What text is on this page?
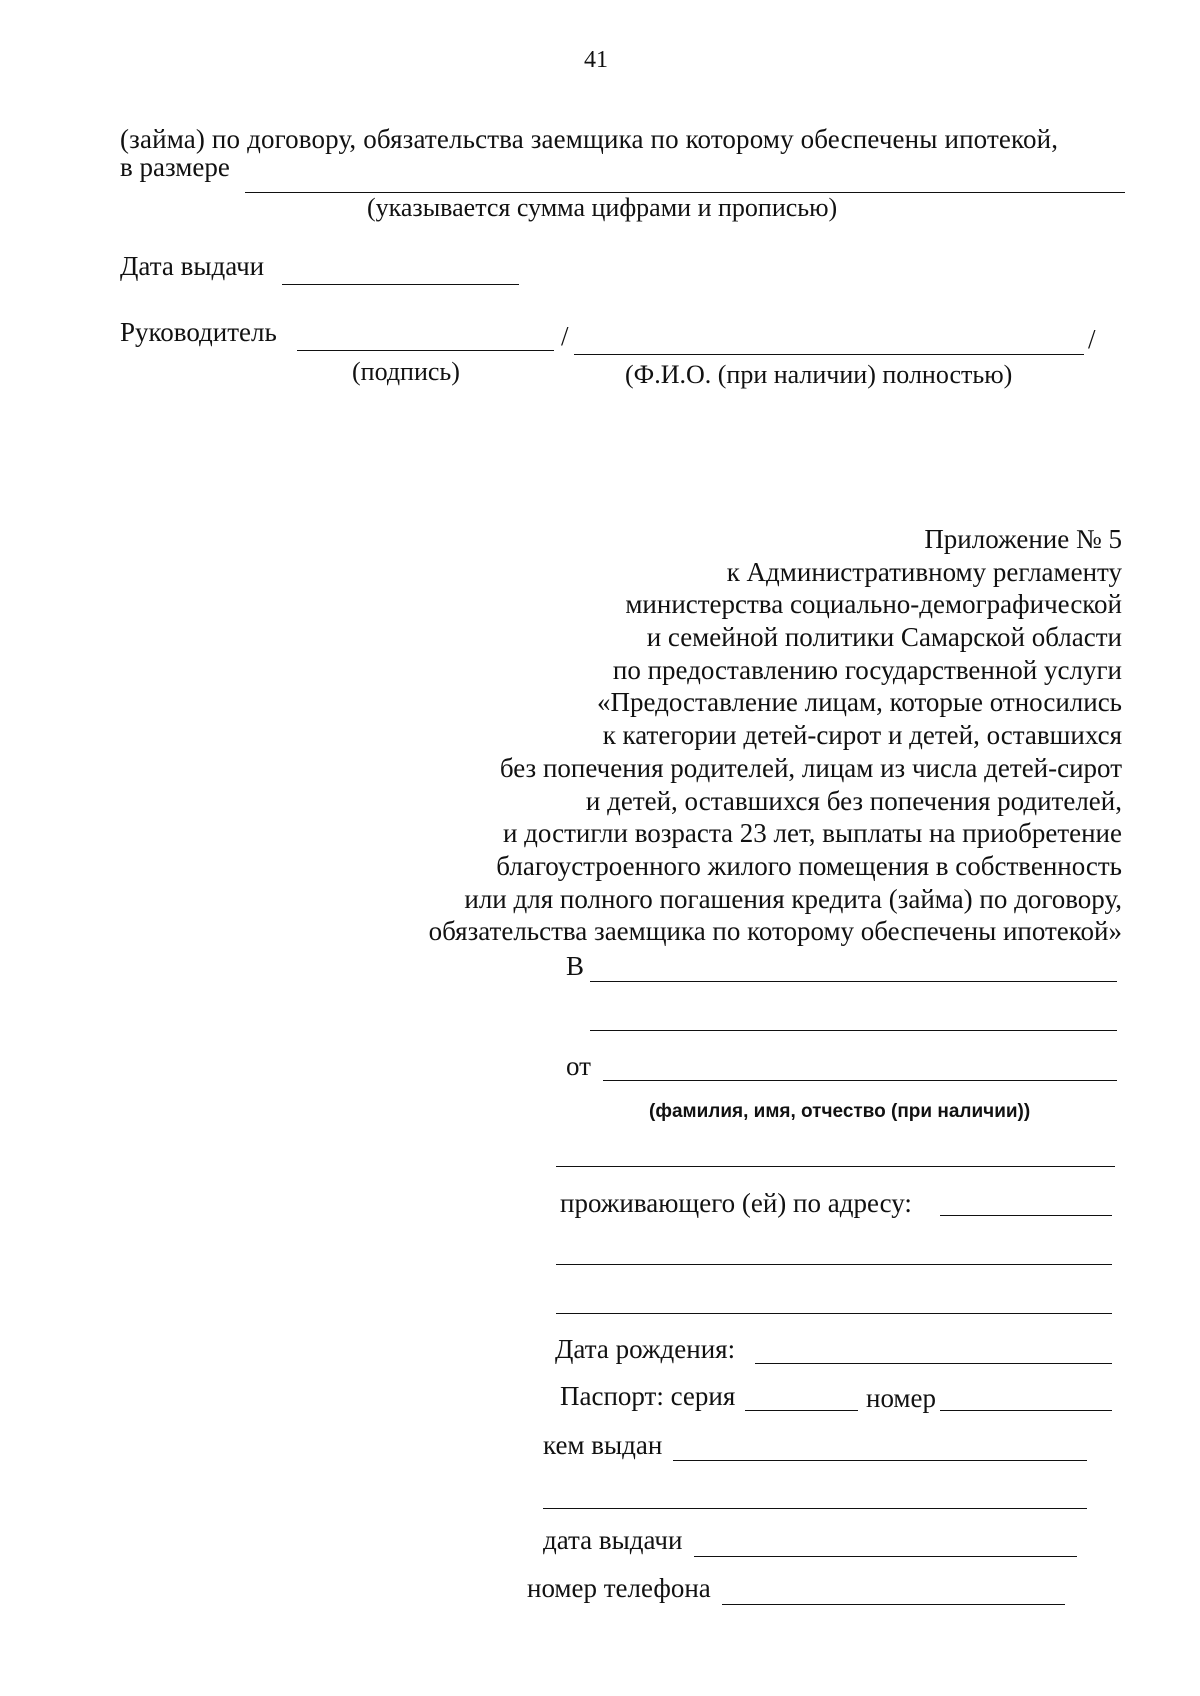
41
(займа) по договору, обязательства заемщика по которому обеспечены ипотекой,
в размере
(указывается сумма цифрами и прописью)
Дата выдачи
Руководитель	/	/
(подпись)	(Ф.И.О. (при наличии) полностью)
Приложение № 5
к Административному регламенту
министерства социально-демографической
и семейной политики Самарской области
по предоставлению государственной услуги
«Предоставление лицам, которые относились
к категории детей-сирот и детей, оставшихся
без попечения родителей, лицам из числа детей-сирот
и детей, оставшихся без попечения родителей,
и достигли возраста 23 лет, выплаты на приобретение
благоустроенного жилого помещения в собственность
или для полного погашения кредита (займа) по договору,
обязательства заемщика по которому обеспечены ипотекой»
В
от
(фамилия, имя, отчество (при наличии))
проживающего (ей) по адресу:
Дата рождения:
Паспорт: серия	номер
кем выдан
дата выдачи
номер телефона
